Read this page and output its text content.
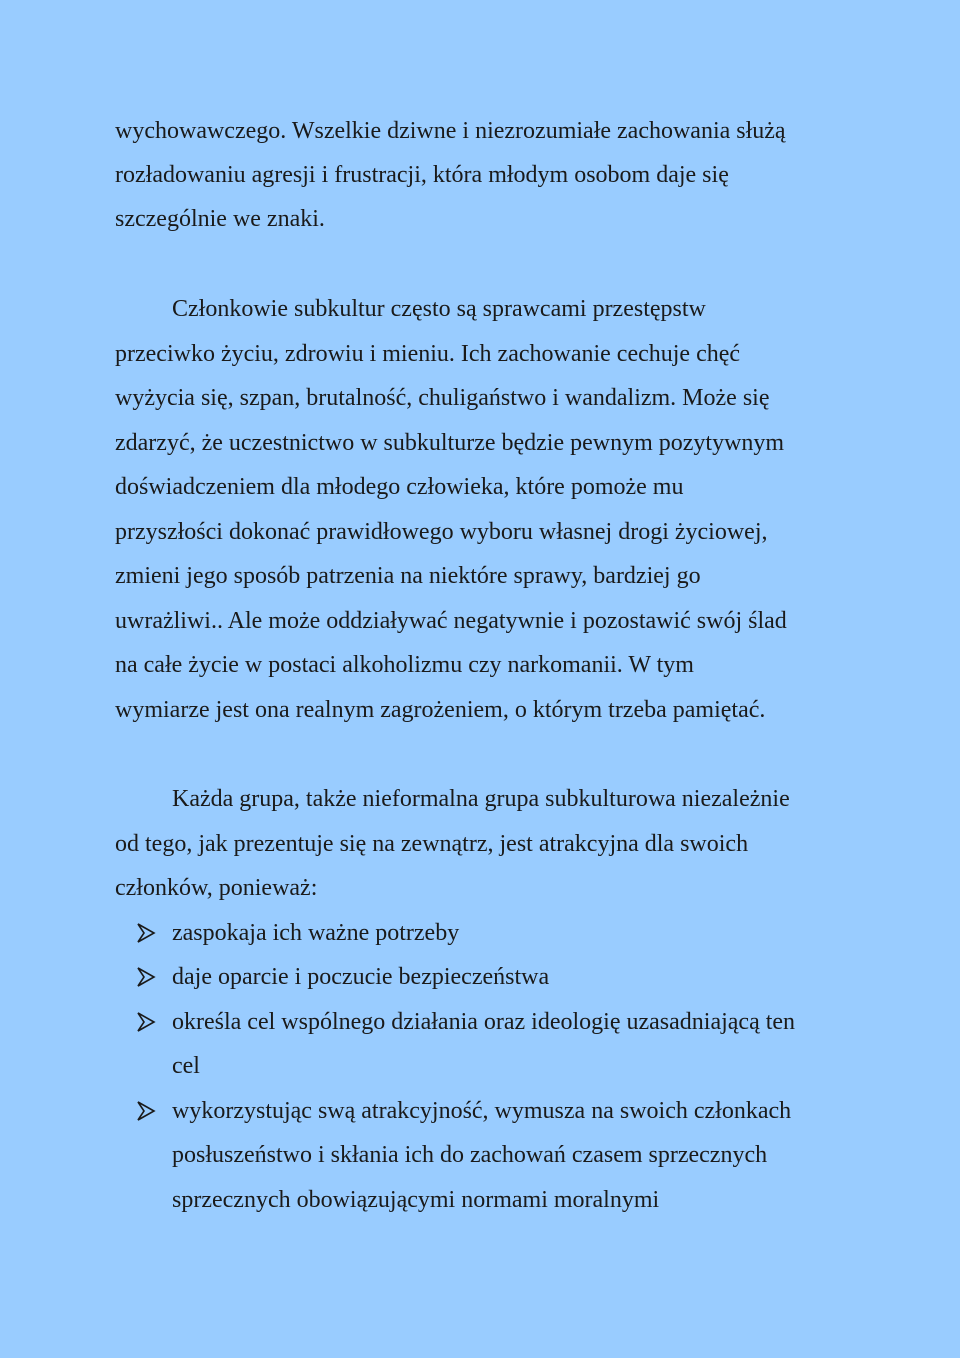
wychowawczego. Wszelkie dziwne i niezrozumiałe zachowania służą
rozładowaniu agresji i frustracji, która młodym osobom daje się
szczególnie we znaki.
Członkowie subkultur często są sprawcami przestępstw
przeciwko życiu, zdrowiu i mieniu. Ich zachowanie cechuje chęć
wyżycia się, szpan, brutalność, chuligaństwo i wandalizm. Może się
zdarzyć, że uczestnictwo w subkulturze będzie pewnym pozytywnym
doświadczeniem dla młodego człowieka, które pomoże mu
przyszłości dokonać prawidłowego wyboru własnej drogi życiowej,
zmieni jego sposób patrzenia na niektóre sprawy, bardziej go
uwrażliwi.. Ale może oddziaływać negatywnie i pozostawić swój ślad
na całe życie w postaci alkoholizmu czy narkomanii. W tym
wymiarze jest ona realnym zagrożeniem, o którym trzeba pamiętać.
Każda grupa, także nieformalna grupa subkulturowa niezależnie
od tego, jak prezentuje się na zewnątrz, jest atrakcyjna dla swoich
członków, ponieważ:
zaspokaja ich ważne potrzeby
daje oparcie i poczucie bezpieczeństwa
określa cel wspólnego działania oraz ideologię uzasadniającą ten
cel
wykorzystując swą atrakcyjność, wymusza na swoich członkach
posłuszeństwo i skłania ich do zachowań czasem sprzecznych
sprzecznych obowiązującymi normami moralnymi
